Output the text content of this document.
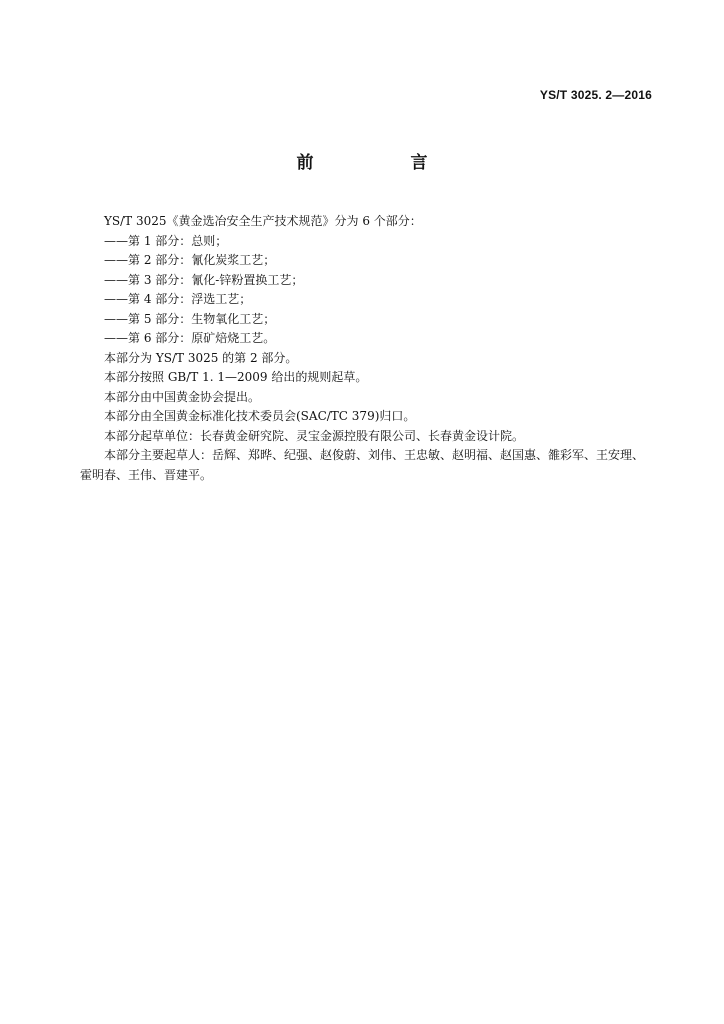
YS/T 3025. 2—2016
前　言

YS/T 3025《黄金选冶安全生产技术规范》分为 6 个部分：

——第 1 部分：总则；

——第 2 部分：氰化炭浆工艺；

——第 3 部分：氰化-锌粉置换工艺；

——第 4 部分：浮选工艺；

——第 5 部分：生物氧化工艺；

——第 6 部分：原矿焙烧工艺。

本部分为 YS/T 3025 的第 2 部分。

本部分按照 GB/T 1. 1—2009 给出的规则起草。

本部分由中国黄金协会提出。

本部分由全国黄金标准化技术委员会(SAC/TC 379)归口。

本部分起草单位：长春黄金研究院、灵宝金源控股有限公司、长春黄金设计院。

本部分主要起草人：岳辉、郑晔、纪强、赵俊蔚、刘伟、王忠敏、赵明福、赵国惠、雒彩军、王安理、霍明春、王伟、晋建平。
